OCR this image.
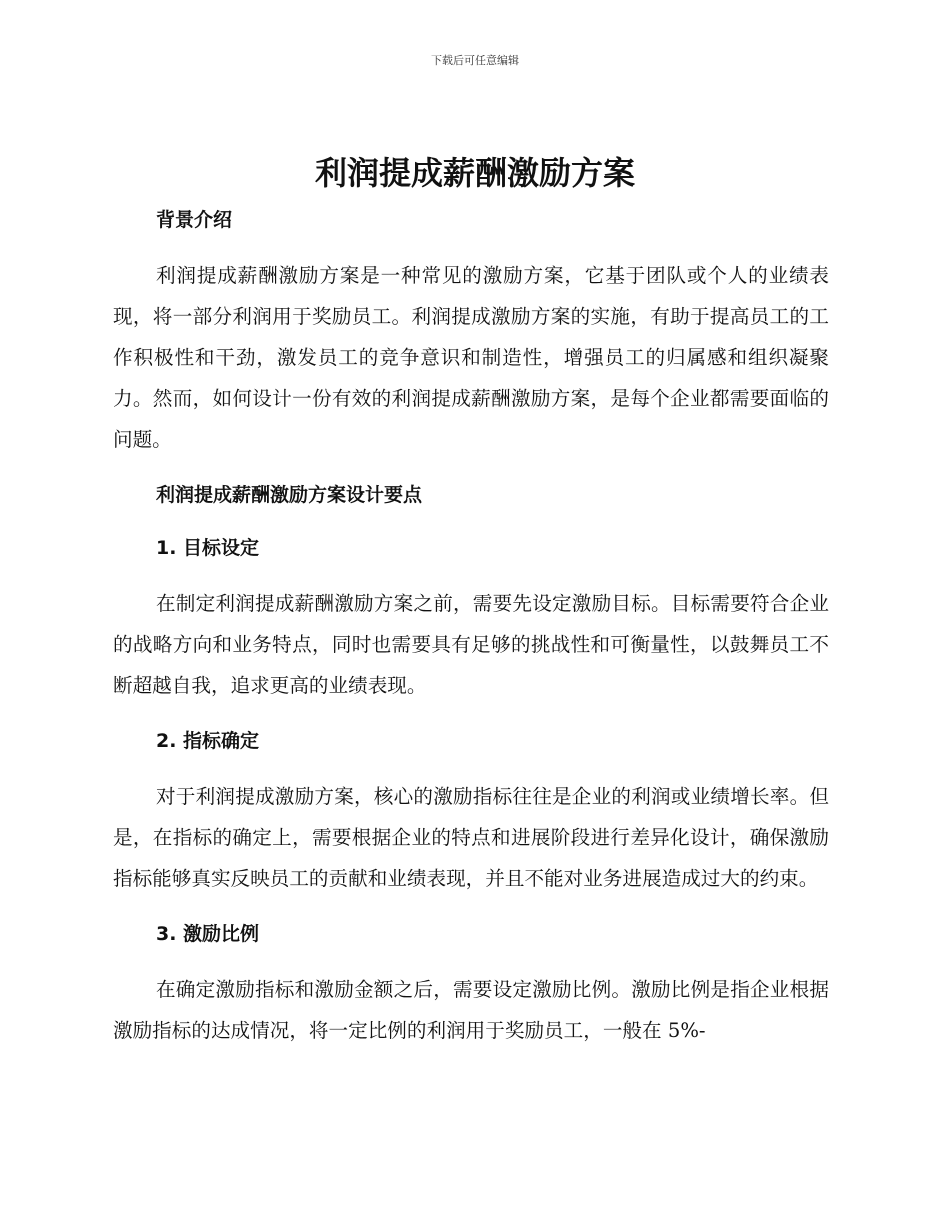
下载后可任意编辑
利润提成薪酬激励方案
背景介绍

利润提成薪酬激励方案是一种常见的激励方案，它基于团队或个人的业绩表现，将一部分利润用于奖励员工。利润提成激励方案的实施，有助于提高员工的工作积极性和干劲，激发员工的竞争意识和制造性，增强员工的归属感和组织凝聚力。然而，如何设计一份有效的利润提成薪酬激励方案，是每个企业都需要面临的问题。

利润提成薪酬激励方案设计要点
1. 目标设定

在制定利润提成薪酬激励方案之前，需要先设定激励目标。目标需要符合企业的战略方向和业务特点，同时也需要具有足够的挑战性和可衡量性，以鼓舞员工不断超越自我，追求更高的业绩表现。

2. 指标确定

对于利润提成激励方案，核心的激励指标往往是企业的利润或业绩增长率。但是，在指标的确定上，需要根据企业的特点和进展阶段进行差异化设计，确保激励指标能够真实反映员工的贡献和业绩表现，并且不能对业务进展造成过大的约束。

3. 激励比例

在确定激励指标和激励金额之后，需要设定激励比例。激励比例是指企业根据激励指标的达成情况，将一定比例的利润用于奖励员工，一般在 5%-
